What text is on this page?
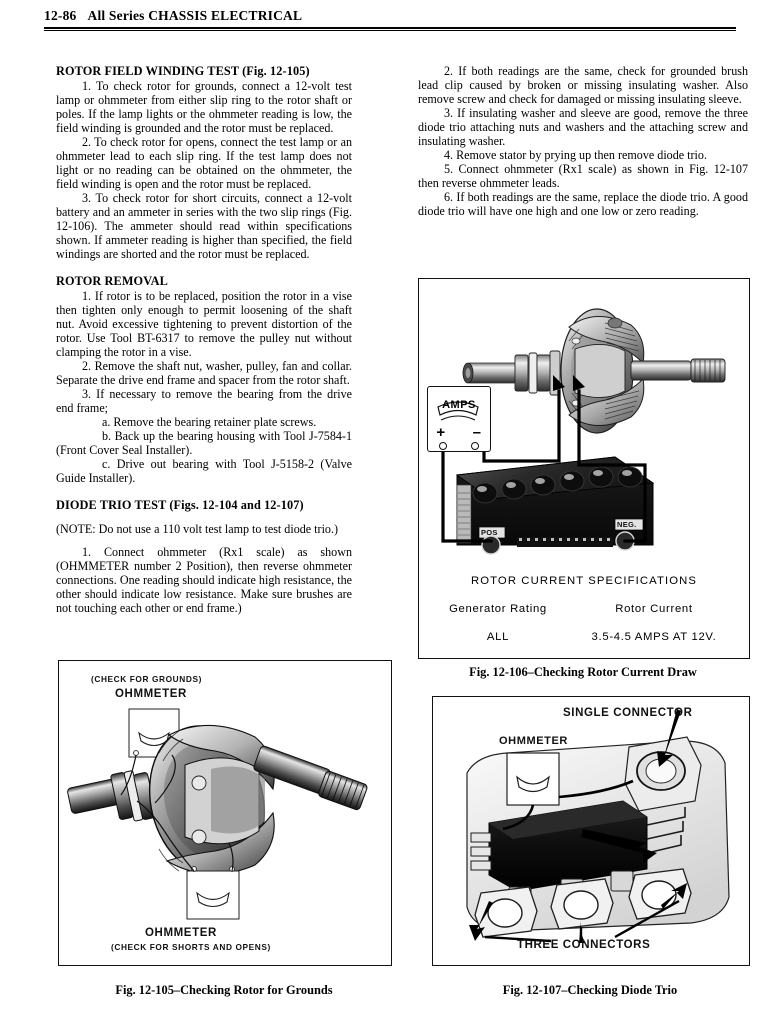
12-86 All Series CHASSIS ELECTRICAL
ROTOR FIELD WINDING TEST (Fig. 12-105)

1. To check rotor for grounds, connect a 12-volt test lamp or ohmmeter from either slip ring to the rotor shaft or poles. If the lamp lights or the ohmmeter reading is low, the field winding is grounded and the rotor must be replaced.

2. To check rotor for opens, connect the test lamp or an ohmmeter lead to each slip ring. If the test lamp does not light or no reading can be obtained on the ohmmeter, the field winding is open and the rotor must be replaced.

3. To check rotor for short circuits, connect a 12-volt battery and an ammeter in series with the two slip rings (Fig. 12-106). The ammeter should read within specifications shown. If ammeter reading is higher than specified, the field windings are shorted and the rotor must be replaced.

ROTOR REMOVAL

1. If rotor is to be replaced, position the rotor in a vise then tighten only enough to permit loosening of the shaft nut. Avoid excessive tightening to prevent distortion of the rotor. Use Tool BT-6317 to remove the pulley nut without clamping the rotor in a vise.

2. Remove the shaft nut, washer, pulley, fan and collar. Separate the drive end frame and spacer from the rotor shaft.

3. If necessary to remove the bearing from the drive end frame;

a. Remove the bearing retainer plate screws.

b. Back up the bearing housing with Tool J-7584-1 (Front Cover Seal Installer).

c. Drive out bearing with Tool J-5158-2 (Valve Guide Installer).

DIODE TRIO TEST (Figs. 12-104 and 12-107)

(NOTE: Do not use a 110 volt test lamp to test diode trio.)

1. Connect ohmmeter (Rx1 scale) as shown (OHMMETER number 2 Position), then reverse ohmmeter connections. One reading should indicate high resistance, the other should indicate low resistance. Make sure brushes are not touching each other or end frame.)

2. If both readings are the same, check for grounded brush lead clip caused by broken or missing insulating washer. Also remove screw and check for damaged or missing insulating sleeve.

3. If insulating washer and sleeve are good, remove the three diode trio attaching nuts and washers and the attaching screw and insulating washer.

4. Remove stator by prying up then remove diode trio.

5. Connect ohmmeter (Rx1 scale) as shown in Fig. 12-107 then reverse ohmmeter leads.

6. If both readings are the same, replace the diode trio. A good diode trio will have one high and one low or zero reading.

AMPS
+	–
POS
NEG.
ROTOR CURRENT SPECIFICATIONS
Generator Rating	Rotor Current
ALL	3.5-4.5 AMPS AT 12V.
Fig. 12-106–Checking Rotor Current Draw
(CHECK FOR GROUNDS)
OHMMETER
OHMMETER
(CHECK FOR SHORTS AND OPENS)
Fig. 12-105–Checking Rotor for Grounds
SINGLE CONNECTOR
OHMMETER
THREE CONNECTORS
Fig. 12-107–Checking Diode Trio
